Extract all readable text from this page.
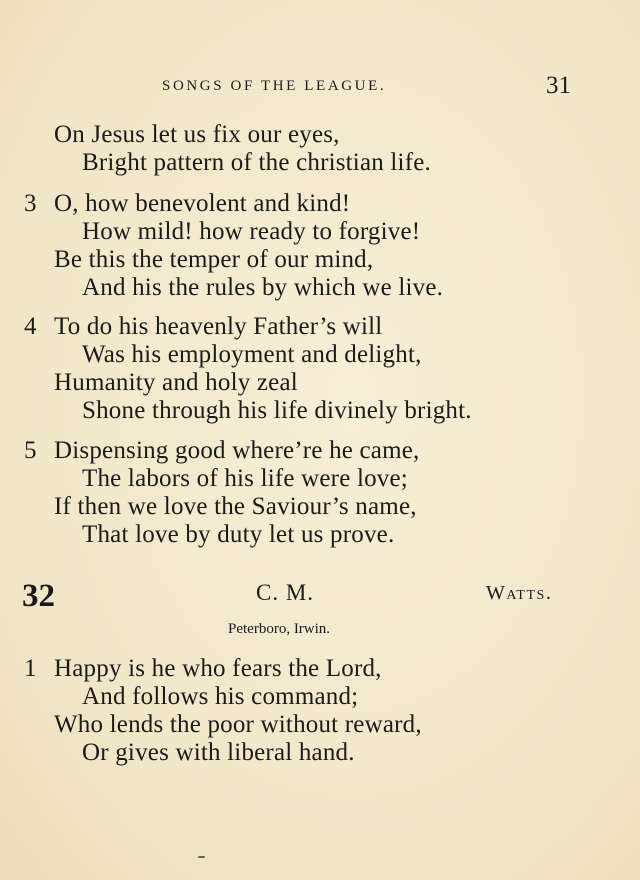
SONGS OF THE LEAGUE.	31
On Jesus let us fix our eyes,
Bright pattern of the christian life.
3 O, how benevolent and kind!
How mild! how ready to forgive!
Be this the temper of our mind,
And his the rules by which we live.
4 To do his heavenly Father’s will
Was his employment and delight,
Humanity and holy zeal
Shone through his life divinely bright.
5 Dispensing good where’re he came,
The labors of his life were love;
If then we love the Saviour’s name,
That love by duty let us prove.
32	C. M.	Watts.
Peterboro, Irwin.
1 Happy is he who fears the Lord,
And follows his command;
Who lends the poor without reward,
Or gives with liberal hand.
